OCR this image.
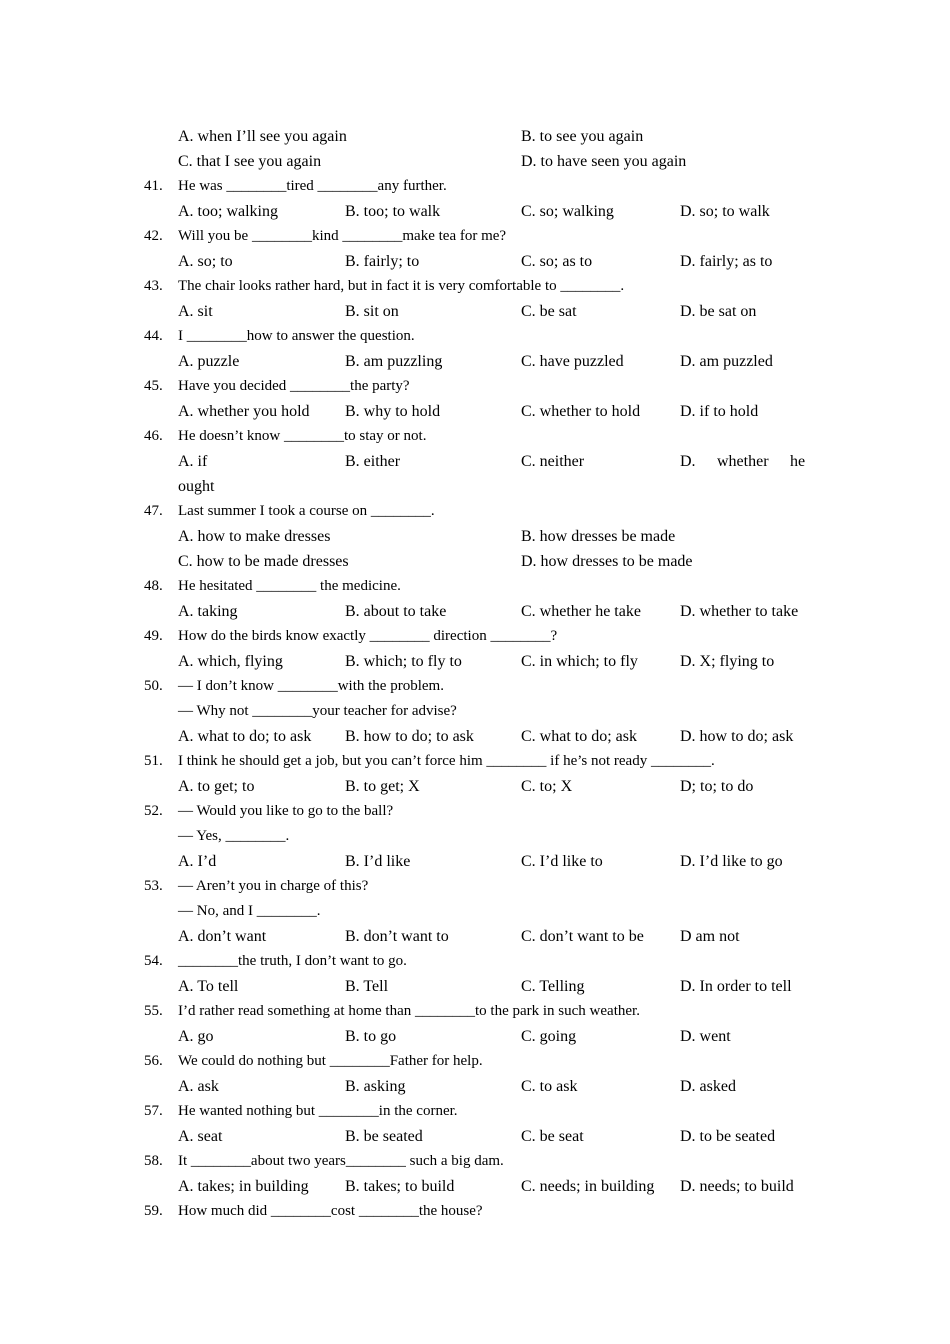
A. when I’ll see you again	B. to see you again
C. that I see you again	D. to have seen you again
41. He was ________tired ________any further.
A. too; walking	B. too; to walk	C. so; walking	D. so; to walk
42. Will you be ________kind ________make tea for me?
A. so; to	B. fairly; to	C. so; as to	D. fairly; as to
43. The chair looks rather hard, but in fact it is very comfortable to ________.
A. sit	B. sit on	C. be sat	D. be sat on
44. I ________how to answer the question.
A. puzzle	B. am puzzling	C. have puzzled	D. am puzzled
45. Have you decided ________the party?
A. whether you hold B. why to hold	C. whether to hold D. if to hold
46. He doesn’t know ________to stay or not.
A. if	B. either	C. neither	D. whether he
ought
47. Last summer I took a course on ________.
A. how to make dresses	B. how dresses be made
C. how to be made dresses	D. how dresses to be made
48. He hesitated ________ the medicine.
A. taking	B. about to take	C. whether he take D. whether to take
49. How do the birds know exactly ________ direction ________?
A. which, flying	B. which; to fly to	C. in which; to fly	D. X; flying to
50. — I don’t know ________with the problem.
— Why not ________your teacher for advise?
A. what to do; to ask B. how to do; to ask	C. what to do; ask	D. how to do; ask
51. I think he should get a job, but you can’t force him ________ if he’s not ready ________.
A. to get; to	B. to get; X	C. to; X	D; to; to do
52. — Would you like to go to the ball?
— Yes, ________.
A. I’d	B. I’d like	C. I’d like to	D. I’d like to go
53. — Aren’t you in charge of this?
— No, and I ________.
A. don’t want	B. don’t want to	C. don’t want to be D am not
54. ________the truth, I don’t want to go.
A. To tell	B. Tell	C. Telling	D. In order to tell
55. I’d rather read something at home than ________to the park in such weather.
A. go	B. to go	C. going	D. went
56. We could do nothing but ________Father for help.
A. ask	B. asking	C. to ask	D. asked
57. He wanted nothing but ________in the corner.
A. seat	B. be seated	C. be seat	D. to be seated
58. It ________about two years________ such a big dam.
A. takes; in building B. takes; to build	C. needs; in building D. needs; to build
59. How much did ________cost ________the house?
